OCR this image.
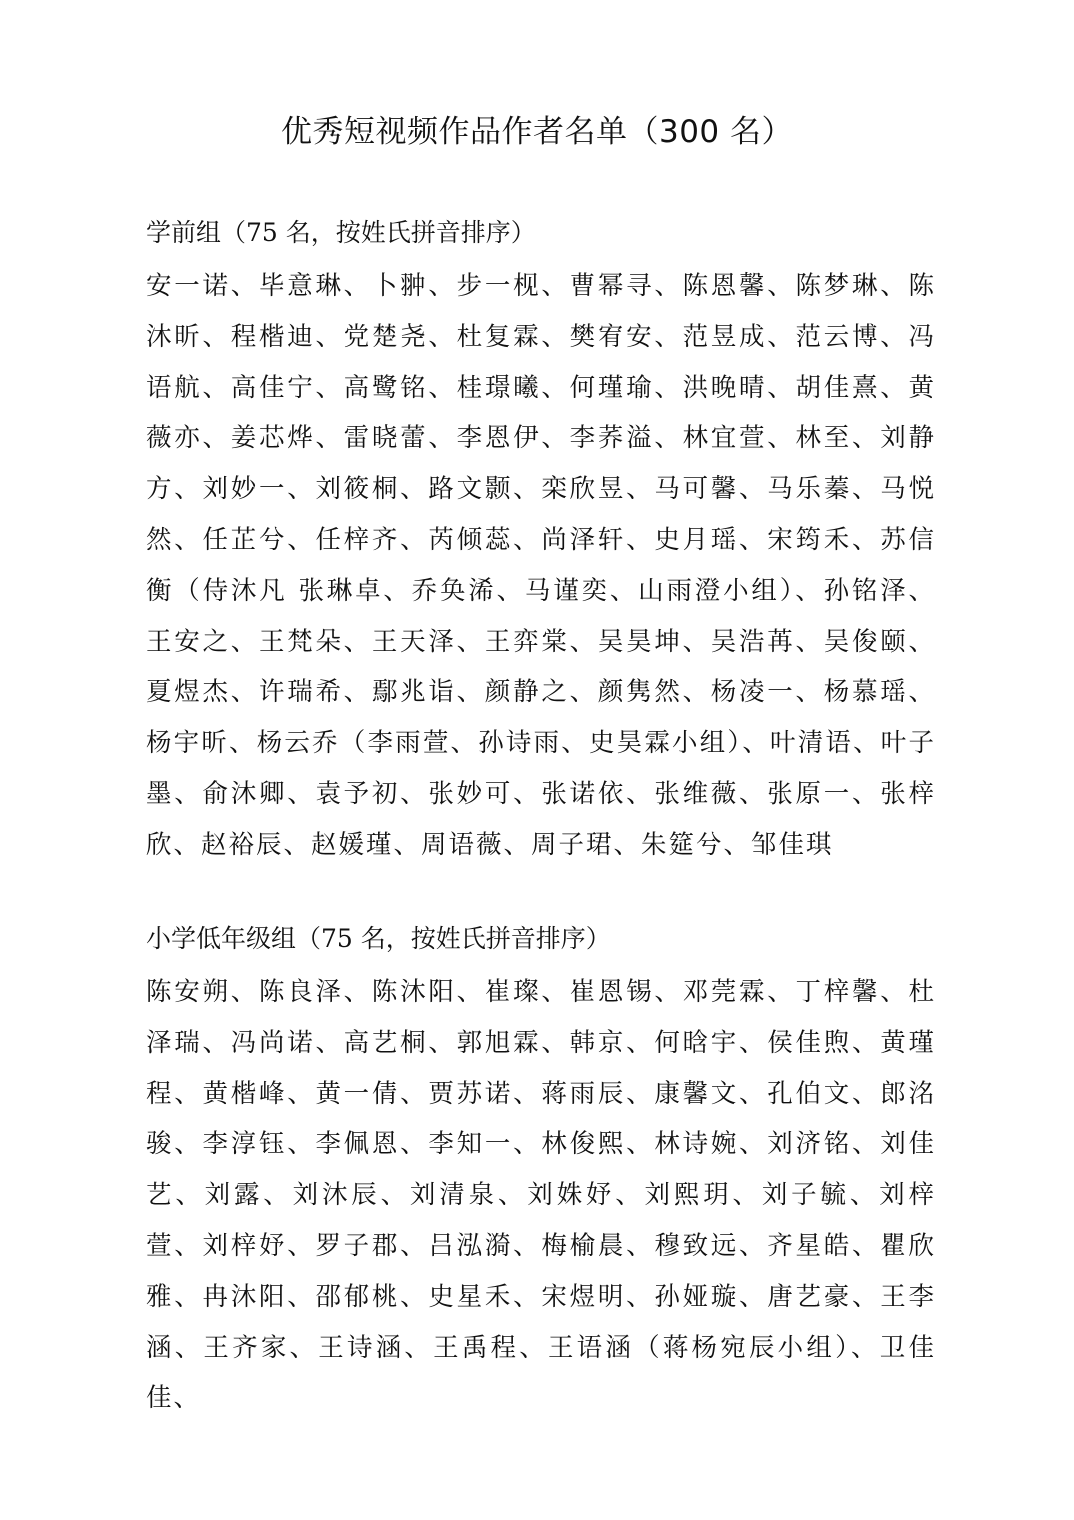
优秀短视频作品作者名单（300 名）
学前组（75 名，按姓氏拼音排序）

安一诺、毕意琳、卜翀、步一枧、曹幂寻、陈恩馨、陈梦琳、陈沐昕、程楷迪、党楚尧、杜复霖、樊宥安、范昱成、范云博、冯语航、高佳宁、高鹭铭、桂璟曦、何瑾瑜、洪晚晴、胡佳熹、黄薇亦、姜芯烨、雷晓蕾、李恩伊、李荞溢、林宜萱、林至、刘静方、刘妙一、刘筱桐、路文颢、栾欣昱、马可馨、马乐蓁、马悦然、任芷兮、任梓齐、芮倾蕊、尚泽轩、史月瑶、宋筠禾、苏信衡（侍沐凡 张琳卓、乔奂浠、马谨奕、山雨澄小组）、孙铭泽、王安之、王梵朵、王天泽、王弈棠、吴昊坤、吴浩苒、吴俊颐、夏煜杰、许瑞希、鄢兆诣、颜静之、颜隽然、杨凌一、杨慕瑶、杨宇昕、杨云乔（李雨萱、孙诗雨、史昊霖小组）、叶清语、叶子墨、俞沐卿、袁予初、张妙可、张诺依、张维薇、张原一、张梓欣、赵裕辰、赵媛瑾、周语薇、周子珺、朱筵兮、邹佳琪

小学低年级组（75 名，按姓氏拼音排序）

陈安朔、陈良泽、陈沐阳、崔璨、崔恩锡、邓莞霖、丁梓馨、杜泽瑞、冯尚诺、高艺桐、郭旭霖、韩京、何晗宇、侯佳煦、黄瑾程、黄楷峰、黄一倩、贾苏诺、蒋雨辰、康馨文、孔伯文、郎洺骏、李淳钰、李佩恩、李知一、林俊熙、林诗婉、刘济铭、刘佳艺、刘露、刘沐辰、刘清泉、刘姝妤、刘熙玥、刘子毓、刘梓萱、刘梓妤、罗子郡、吕泓漪、梅榆晨、穆致远、齐星皓、瞿欣雅、冉沐阳、邵郁桃、史星禾、宋煜明、孙娅璇、唐艺豪、王李涵、王齐家、王诗涵、王禹程、王语涵（蒋杨宛辰小组）、卫佳佳、
